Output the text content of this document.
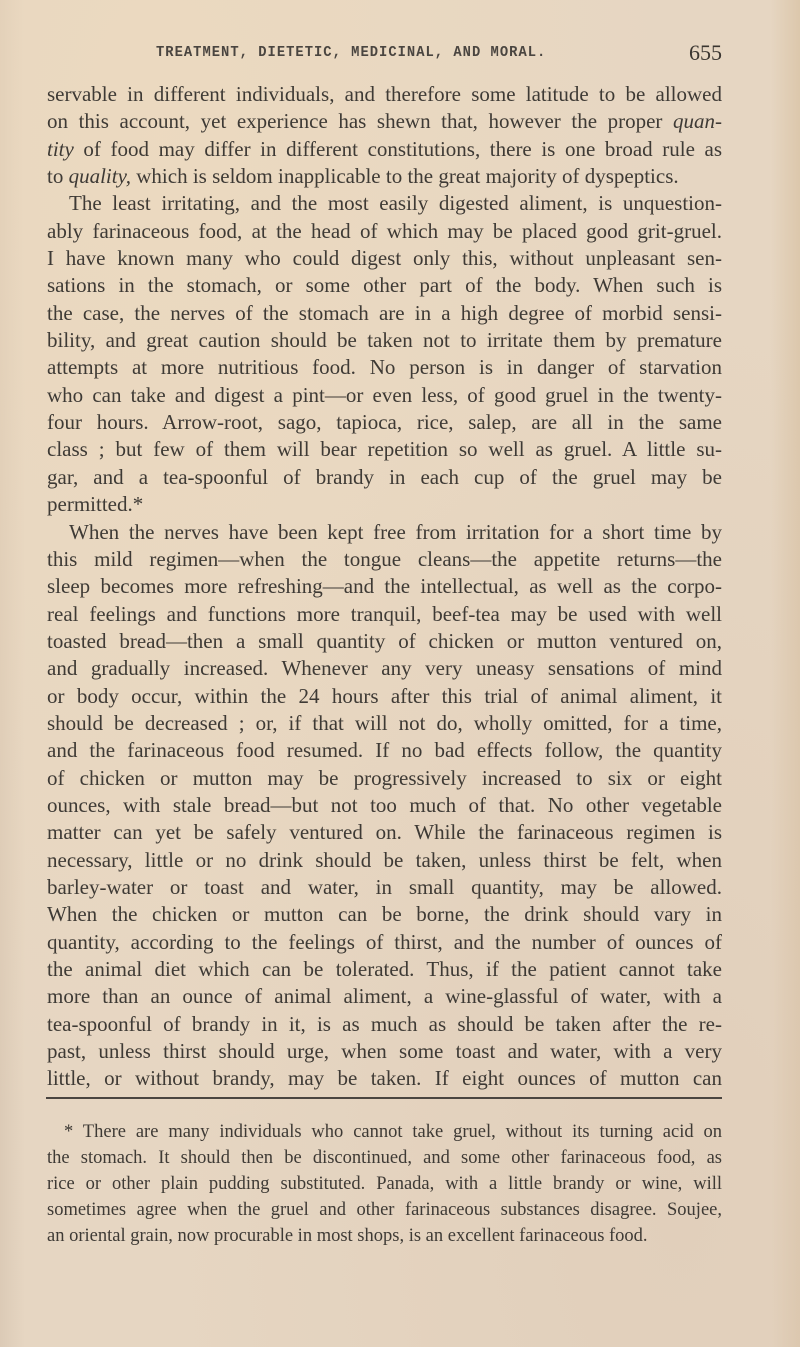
TREATMENT, DIETETIC, MEDICINAL, AND MORAL.	655
servable in different individuals, and therefore some latitude to be allowed
on this account, yet experience has shewn that, however the proper quan-
tity of food may differ in different constitutions, there is one broad rule as
to quality, which is seldom inapplicable to the great majority of dyspeptics.
The least irritating, and the most easily digested aliment, is unquestion-
ably farinaceous food, at the head of which may be placed good grit-gruel.
I have known many who could digest only this, without unpleasant sen-
sations in the stomach, or some other part of the body. When such is
the case, the nerves of the stomach are in a high degree of morbid sensi-
bility, and great caution should be taken not to irritate them by premature
attempts at more nutritious food. No person is in danger of starvation
who can take and digest a pint—or even less, of good gruel in the twenty-
four hours. Arrow-root, sago, tapioca, rice, salep, are all in the same
class ; but few of them will bear repetition so well as gruel. A little su-
gar, and a tea-spoonful of brandy in each cup of the gruel may be
permitted.*
When the nerves have been kept free from irritation for a short time by
this mild regimen—when the tongue cleans—the appetite returns—the
sleep becomes more refreshing—and the intellectual, as well as the corpo-
real feelings and functions more tranquil, beef-tea may be used with well
toasted bread—then a small quantity of chicken or mutton ventured on,
and gradually increased. Whenever any very uneasy sensations of mind
or body occur, within the 24 hours after this trial of animal aliment, it
should be decreased ; or, if that will not do, wholly omitted, for a time,
and the farinaceous food resumed. If no bad effects follow, the quantity
of chicken or mutton may be progressively increased to six or eight
ounces, with stale bread—but not too much of that. No other vegetable
matter can yet be safely ventured on. While the farinaceous regimen is
necessary, little or no drink should be taken, unless thirst be felt, when
barley-water or toast and water, in small quantity, may be allowed.
When the chicken or mutton can be borne, the drink should vary in
quantity, according to the feelings of thirst, and the number of ounces of
the animal diet which can be tolerated. Thus, if the patient cannot take
more than an ounce of animal aliment, a wine-glassful of water, with a
tea-spoonful of brandy in it, is as much as should be taken after the re-
past, unless thirst should urge, when some toast and water, with a very
little, or without brandy, may be taken. If eight ounces of mutton can
* There are many individuals who cannot take gruel, without its turning acid on
the stomach. It should then be discontinued, and some other farinaceous food, as
rice or other plain pudding substituted. Panada, with a little brandy or wine, will
sometimes agree when the gruel and other farinaceous substances disagree. Soujee,
an oriental grain, now procurable in most shops, is an excellent farinaceous food.
